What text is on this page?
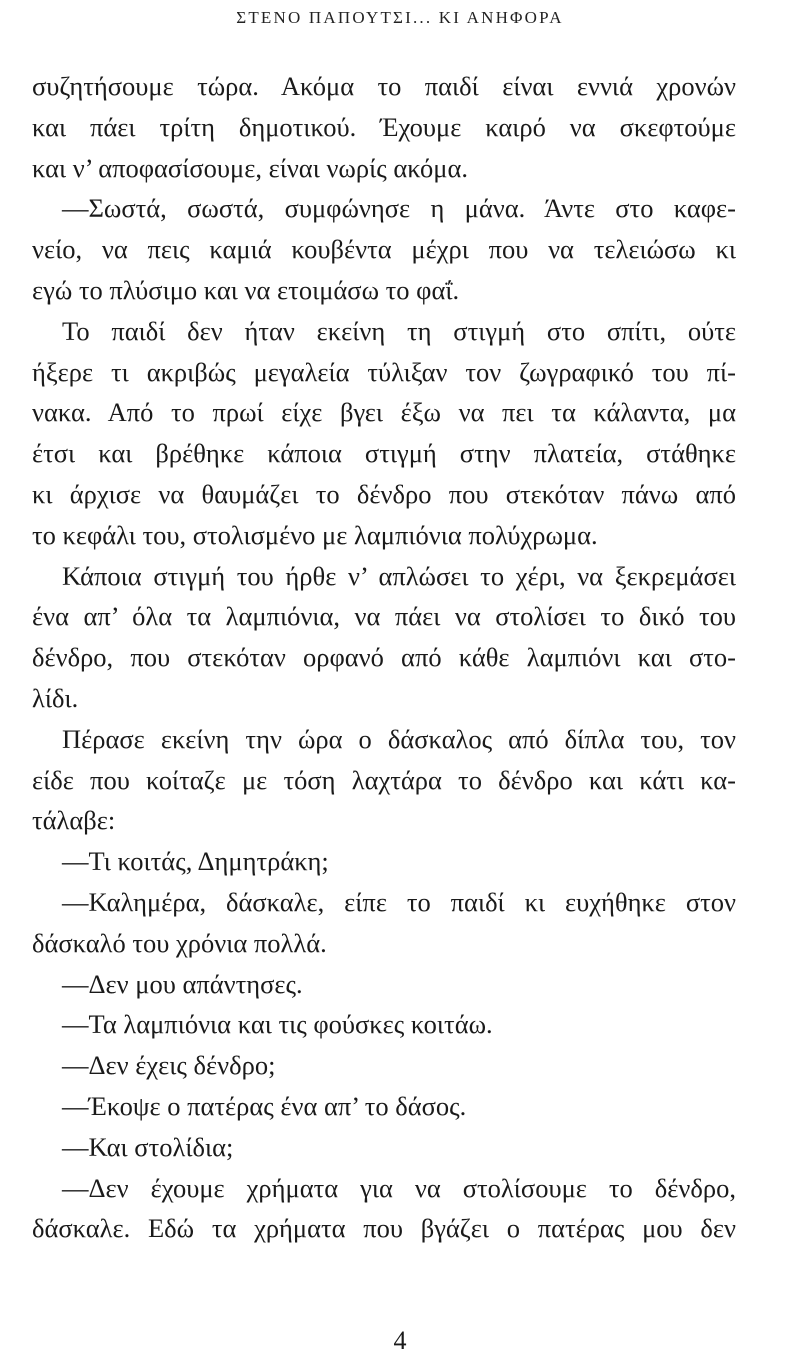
ΣΤΕΝΟ ΠΑΠΟΥΤΣΙ... ΚΙ ΑΝΗΦΟΡΑ
συζητήσουμε τώρα. Ακόμα το παιδί είναι εννιά χρονών
και πάει τρίτη δημοτικού. Έχουμε καιρό να σκεφτούμε
και ν’ αποφασίσουμε, είναι νωρίς ακόμα.
—Σωστά, σωστά, συμφώνησε η μάνα. Άντε στο καφε-
νείο, να πεις καμιά κουβέντα μέχρι που να τελειώσω κι
εγώ το πλύσιμο και να ετοιμάσω το φαΐ.
Το παιδί δεν ήταν εκείνη τη στιγμή στο σπίτι, ούτε
ήξερε τι ακριβώς μεγαλεία τύλιξαν τον ζωγραφικό του πί-
νακα. Από το πρωί είχε βγει έξω να πει τα κάλαντα, μα
έτσι και βρέθηκε κάποια στιγμή στην πλατεία, στάθηκε
κι άρχισε να θαυμάζει το δένδρο που στεκόταν πάνω από
το κεφάλι του, στολισμένο με λαμπιόνια πολύχρωμα.
Κάποια στιγμή του ήρθε ν’ απλώσει το χέρι, να ξεκρεμάσει
ένα απ’ όλα τα λαμπιόνια, να πάει να στολίσει το δικό του
δένδρο, που στεκόταν ορφανό από κάθε λαμπιόνι και στο-
λίδι.
Πέρασε εκείνη την ώρα ο δάσκαλος από δίπλα του, τον
είδε που κοίταζε με τόση λαχτάρα το δένδρο και κάτι κα-
τάλαβε:
—Τι κοιτάς, Δημητράκη;
—Καλημέρα, δάσκαλε, είπε το παιδί κι ευχήθηκε στον
δάσκαλό του χρόνια πολλά.
—Δεν μου απάντησες.
—Τα λαμπιόνια και τις φούσκες κοιτάω.
—Δεν έχεις δένδρο;
—Έκοψε ο πατέρας ένα απ’ το δάσος.
—Και στολίδια;
—Δεν έχουμε χρήματα για να στολίσουμε το δένδρο,
δάσκαλε. Εδώ τα χρήματα που βγάζει ο πατέρας μου δεν
4
